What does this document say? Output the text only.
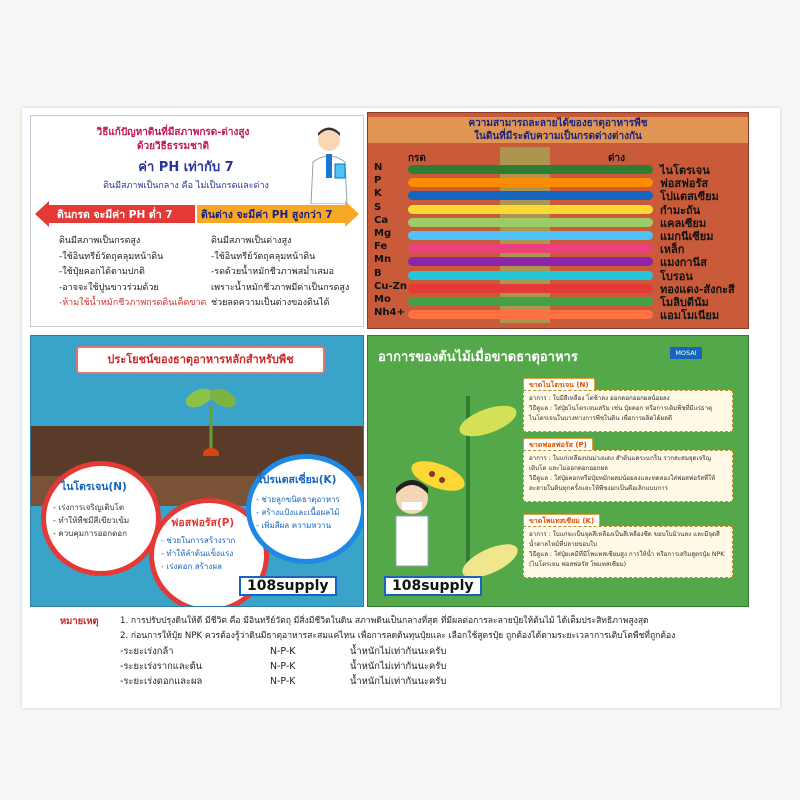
วิธีแก้ปัญหาดินที่มีสภาพกรด-ด่างสูง
ด้วยวิธีธรรมชาติ
ค่า PH เท่ากับ 7
ดินมีสภาพเป็นกลาง คือ ไม่เป็นกรดและด่าง
ดินกรด จะมีค่า PH ต่ำ 7	ดินด่าง จะมีค่า PH สูงกว่า 7
ดินมีสภาพเป็นกรดสูง
-ใช้อินทรีย์วัตถุคลุมหน้าดิน
-ใช้ปุ๋ยคอกได้ตามปกติ
-อาจจะใช้ปูนขาวร่วมด้วย
-ห้ามใช้น้ำหมักชีวภาพกรดดินเค็ดขาด
ดินมีสภาพเป็นด่างสูง
-ใช้อินทรีย์วัตถุคลุมหน้าดิน
-รดด้วยน้ำหมักชีวภาพสม่ำเสมอ
เพราะน้ำหมักชีวภาพมีค่าเป็นกรดสูง
ช่วยลดความเป็นด่างของดินได้
ความสามารถละลายได้ของธาตุอาหารพืช
ในดินที่มีระดับความเป็นกรดด่างต่างกัน
กรด	ด่าง
N	ไนโตรเจน
P	ฟอสฟอรัส
K	โปแตสเซียม
S	กำมะถัน
Ca	แคลเซียม
Mg	แมกนีเซียม
Fe	เหล็ก
Mn	แมงกานีส
B	โบรอน
Cu-Zn	ทองแดง-สังกะสี
Mo	โมลิบดีนัม
Nh4+	แอมโมเนียม
ประโยชน์ของธาตุอาหารหลักสำหรับพืช
ไนโตรเจน(N)
- เร่งการเจริญเติบโต
- ทำให้พืชมีสีเขียวเข้ม
- ควบคุมการออกดอก
ฟอสฟอรัส(P)
- ช่วยในการสร้างราก
- ทำให้ลำต้นแข็งแรง
- เร่งดอก สร้างผล
โปรแตสเซี่ยม(K)
- ช่วยลูกขนิดธาตุอาหาร
- สร้างแป้งและเนื้อผลไม้
- เพิ่มสีผล ความหวาน
108supply
อาการของต้นไม้เมื่อขาดธาตุอาหาร	MOSAI
ขาดไนโตรเจน (N)
อาการ : ใบมีสีเหลือง โตช้าลง ออกดอกออกผลน้อยลง
วิธีดูแล : ใส่ปุ๋ยไนโตรเจนเสริม เช่น ปุ๋ยคอก หรือการเติมพืชที่มีแร่ธาตุไนโตรเจนในบางทางการพืชในดิน เพื่อการผลิตได้ผลดี
ขาดฟอสฟอรัส (P)
อาการ : ใบแก่เหลืองปนม่วงแดง สำต้นแคระแกร็น รากสะสมจุดเจริญเติบโต และไม่ออกดอกออกผล
วิธีดูแล : ใส่ปุ๋ยคอกหรือปุ๋ยหมักผสมน้อยลงและทดลองใส่ฟอสฟอรัสที่ให้ละลายในดินทุกครั้งและให้พืชงอกเป็นคือเลิกแบบการ
ขาดโพแทสเซียม (K)
อาการ : ใบแก่จะเป็นจุดสีเหลืองเป็นสีเหลืองซีด ขอบใบม้วนลง และมีจุดสีน้ำตาลไหม้ที่ปลายขอบใบ
วิธีดูแล : ใส่ปุ๋ยเคมีที่มีโพแทสเซียมสูง การให้น้ำ หรือการเสริมสูตรปุ๋ย NPK (ไนโตรเจน ฟอสฟอรัส โพแทสเซียม)
108supply
หมายเหตุ 1. การปรับปรุงดินให้ดี มีชีวิต คือ มีอินทรีย์วัตถุ มีสิ่งมีชีวิตในดิน สภาพดินเป็นกลางที่สุด ที่มีผลต่อการละลายปุ๋ยให้ต้นไม้ ได้เต็มประสิทธิภาพสูงสุด
2. ก่อนการให้ปุ๋ย NPK ควรต้องรู้ว่าดินมีธาตุอาหารสะสมแค่ไหน เพื่อการลดต้นทุนปุ๋ยและ เลือกใช้สูตรปุ๋ย ถูกต้องได้ตามระยะเวลาการเติบโตพืชที่ถูกต้อง
-ระยะเร่งกล้า	N-P-K	น้ำหนักไม่เท่ากันนะครับ
-ระยะเร่งรากและต้น	N-P-K	น้ำหนักไม่เท่ากันนะครับ
-ระยะเร่งดอกและผล	N-P-K	น้ำหนักไม่เท่ากันนะครับ
